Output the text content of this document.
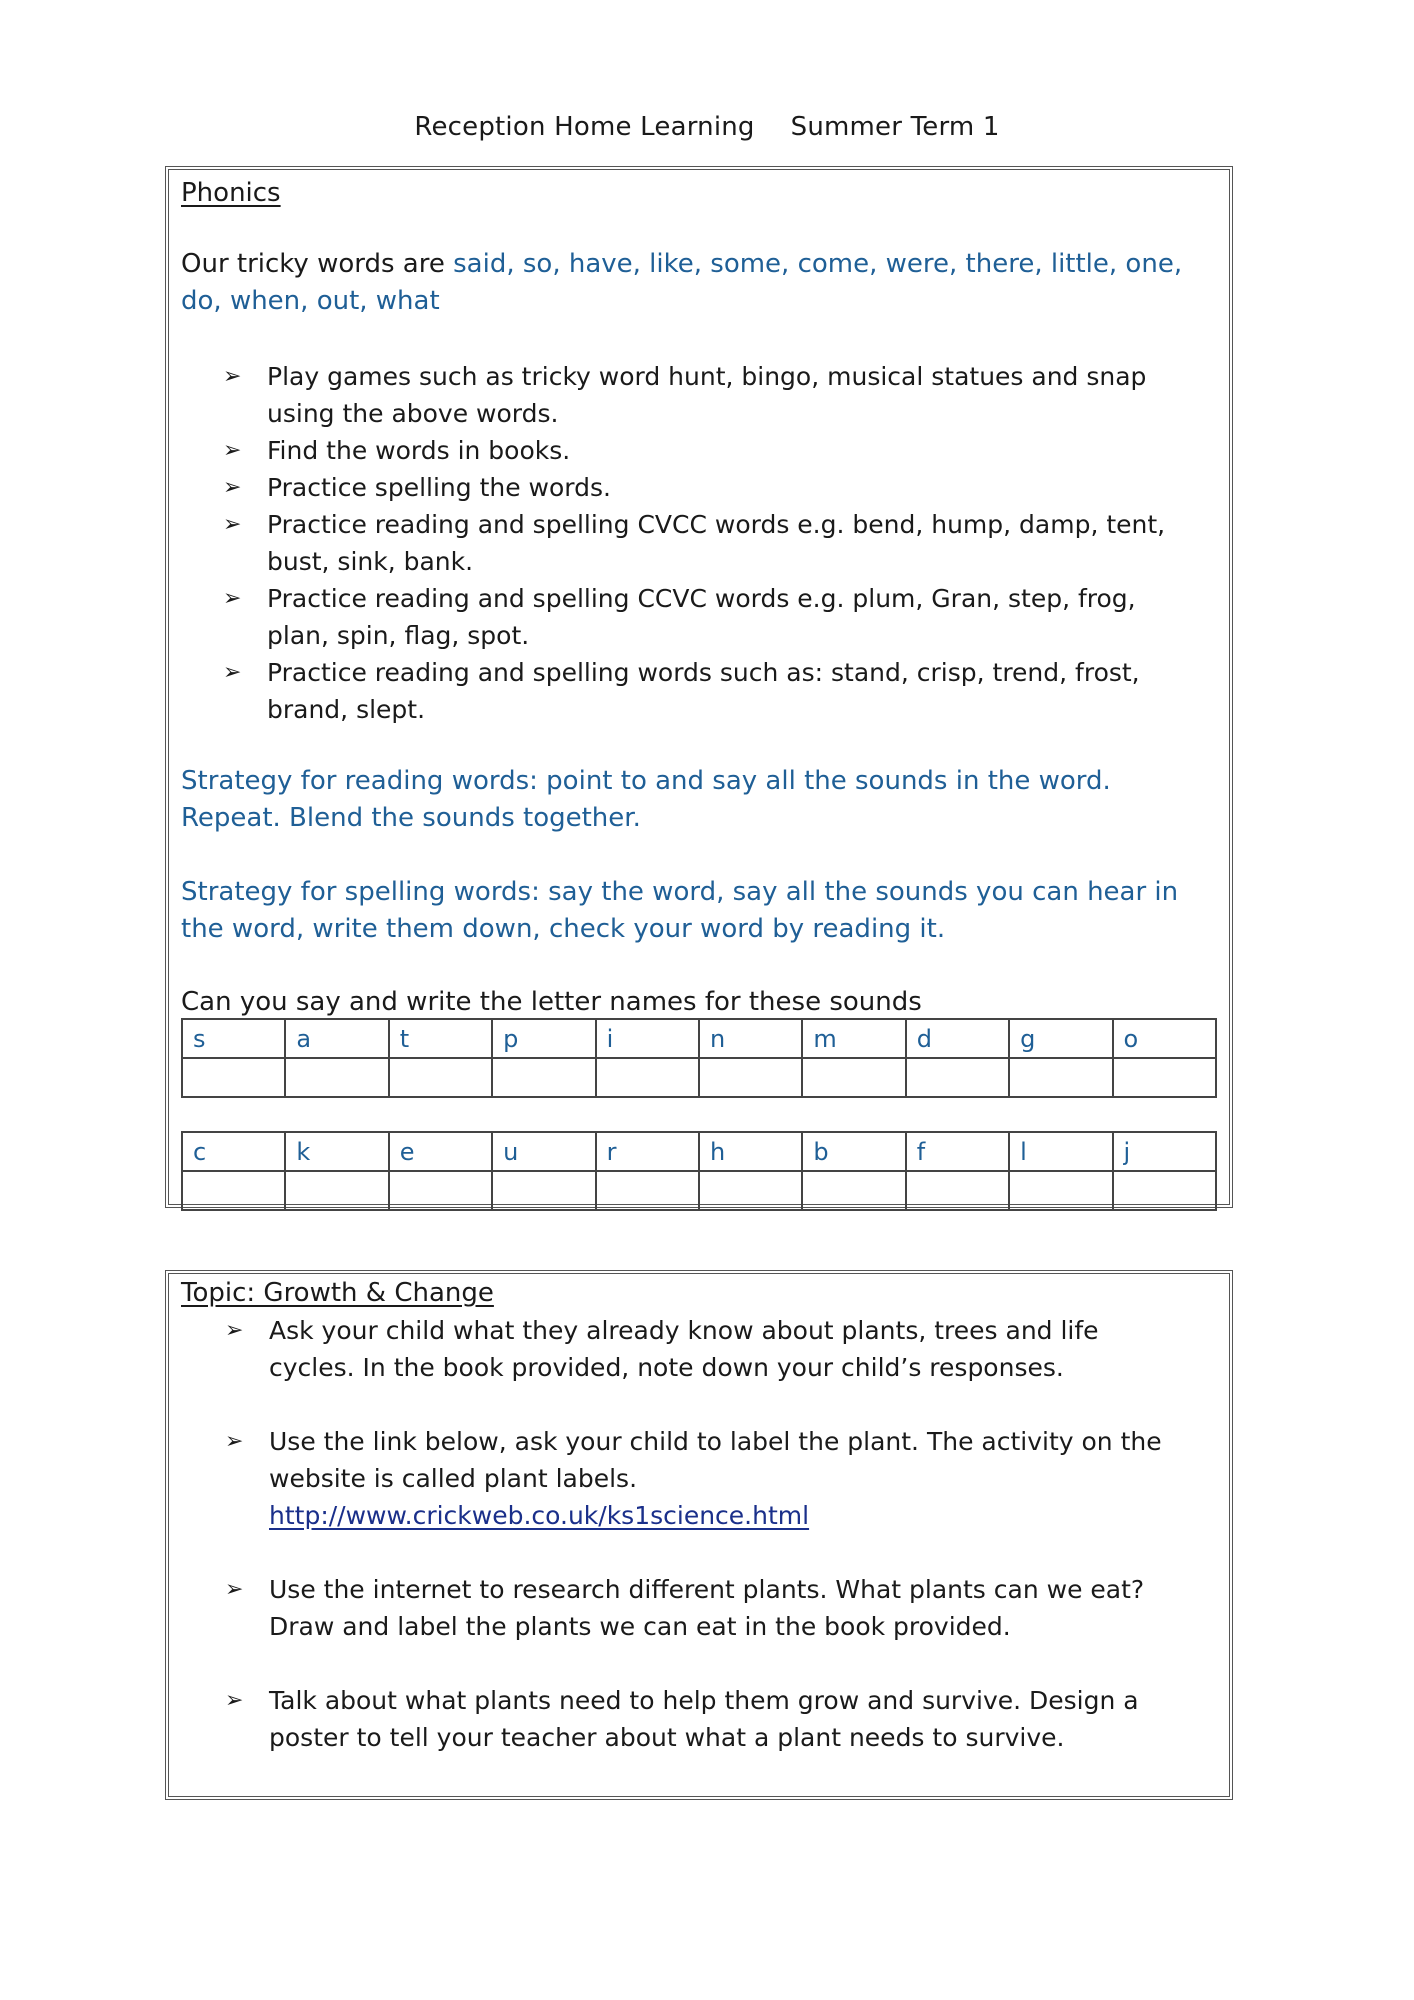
Reception Home Learning Summer Term 1
Phonics
Our tricky words are said, so, have, like, some, come, were, there, little, one, do, when, out, what
➢ Play games such as tricky word hunt, bingo, musical statues and snap using the above words.
➢ Find the words in books.
➢ Practice spelling the words.
➢ Practice reading and spelling CVCC words e.g. bend, hump, damp, tent, bust, sink, bank.
➢ Practice reading and spelling CCVC words e.g. plum, Gran, step, frog, plan, spin, flag, spot.
➢ Practice reading and spelling words such as: stand, crisp, trend, frost, brand, slept.
Strategy for reading words: point to and say all the sounds in the word. Repeat. Blend the sounds together.
Strategy for spelling words: say the word, say all the sounds you can hear in the word, write them down, check your word by reading it.
Can you say and write the letter names for these sounds
s	a	t	p	i	n	m	d	g	o

c	k	e	u	r	h	b	f	l	j

Topic: Growth & Change
➢ Ask your child what they already know about plants, trees and life cycles. In the book provided, note down your child’s responses.
➢ Use the link below, ask your child to label the plant. The activity on the website is called plant labels.
http://www.crickweb.co.uk/ks1science.html
➢ Use the internet to research different plants. What plants can we eat? Draw and label the plants we can eat in the book provided.
➢ Talk about what plants need to help them grow and survive. Design a poster to tell your teacher about what a plant needs to survive.
